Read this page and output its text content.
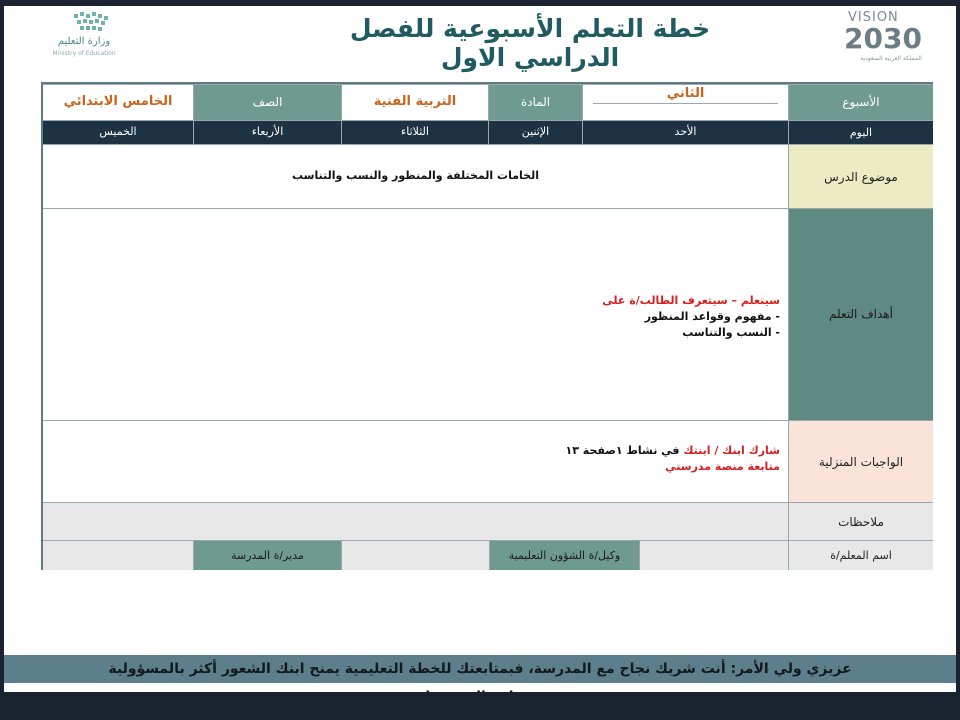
وزارة التعليم
Ministry of Education
خطة التعلم الأسبوعية للفصل الدراسي الاول
VISION
2030
المملكة العربية السعودية
الأسبوع
الثاني
المادة
التربية الفنية
الصف
الخامس الابتدائي
اليوم
الأحد
الإثنين
الثلاثاء
الأربعاء
الخميس
موضوع الدرس
الخامات المختلفة والمنظور والنسب والتناسب
أهداف التعلم
سيتعلم – سيتعرف الطالب/ة على
- مفهوم وقواعد المنظور
- النسب والتناسب
الواجبات المنزلية
شارك ابنك / ابنتك في نشاط ١صفحة ١٣
متابعة منصة مدرستي
ملاحظات
اسم المعلم/ة
وكيل/ة الشؤون التعليمية
مدير/ة المدرسة
عزيزي ولي الأمر: أنت شريك نجاح مع المدرسة، فبمتابعتك للخطة التعليمية يمنح ابنك الشعور أكثر بالمسؤولية
